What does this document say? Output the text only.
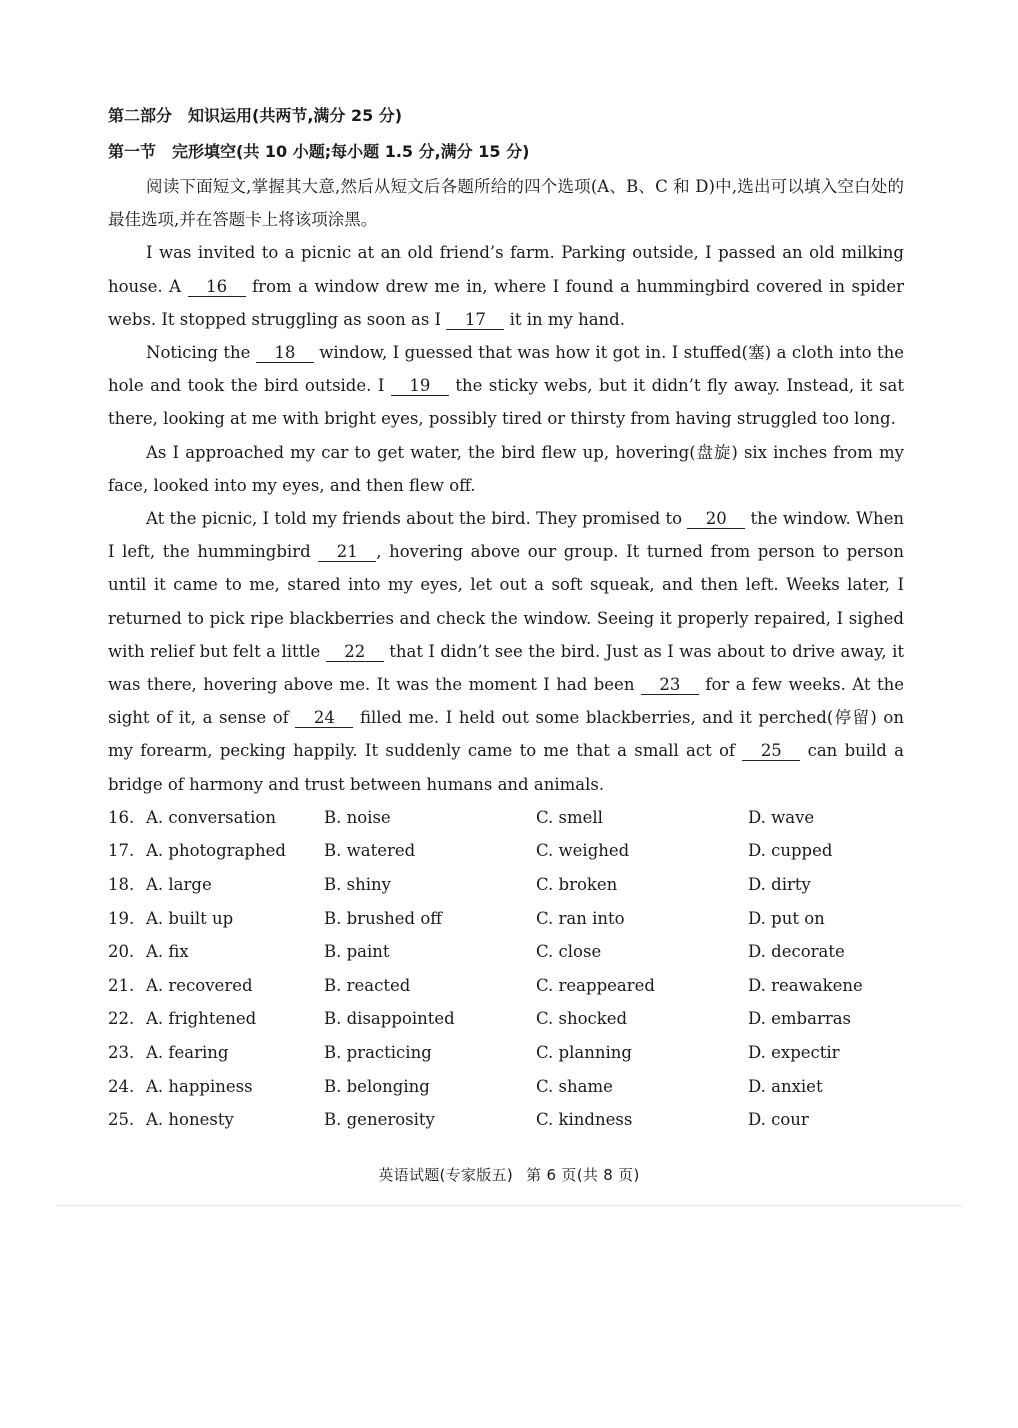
第二部分　知识运用(共两节,满分 25 分)
第一节　完形填空(共 10 小题;每小题 1.5 分,满分 15 分)

阅读下面短文,掌握其大意,然后从短文后各题所给的四个选项(A、B、C 和 D)中,选出可以填入空白处的最佳选项,并在答题卡上将该项涂黑。

I was invited to a picnic at an old friend’s farm. Parking outside, I passed an old milking house. A 16 from a window drew me in, where I found a hummingbird covered in spider webs. It stopped struggling as soon as I 17 it in my hand.

Noticing the 18 window, I guessed that was how it got in. I stuffed(塞) a cloth into the hole and took the bird outside. I 19 the sticky webs, but it didn’t fly away. Instead, it sat there, looking at me with bright eyes, possibly tired or thirsty from having struggled too long.

As I approached my car to get water, the bird flew up, hovering(盘旋) six inches from my face, looked into my eyes, and then flew off.

At the picnic, I told my friends about the bird. They promised to 20 the window. When I left, the hummingbird 21 , hovering above our group. It turned from person to person until it came to me, stared into my eyes, let out a soft squeak, and then left. Weeks later, I returned to pick ripe blackberries and check the window. Seeing it properly repaired, I sighed with relief but felt a little 22 that I didn’t see the bird. Just as I was about to drive away, it was there, hovering above me. It was the moment I had been 23 for a few weeks. At the sight of it, a sense of 24 filled me. I held out some blackberries, and it perched(停留) on my forearm, pecking happily. It suddenly came to me that a small act of 25 can build a bridge of harmony and trust between humans and animals.

16. A. conversation	B. noise	C. smell	D. wave
17. A. photographed	B. watered	C. weighed	D. cupped
18. A. large	B. shiny	C. broken	D. dirty
19. A. built up	B. brushed off	C. ran into	D. put on
20. A. fix	B. paint	C. close	D. decorate
21. A. recovered	B. reacted	C. reappeared	D. reawakene
22. A. frightened	B. disappointed	C. shocked	D. embarras
23. A. fearing	B. practicing	C. planning	D. expectir
24. A. happiness	B. belonging	C. shame	D. anxiet
25. A. honesty	B. generosity	C. kindness	D. cour
英语试题(专家版五) 第 6 页(共 8 页)
